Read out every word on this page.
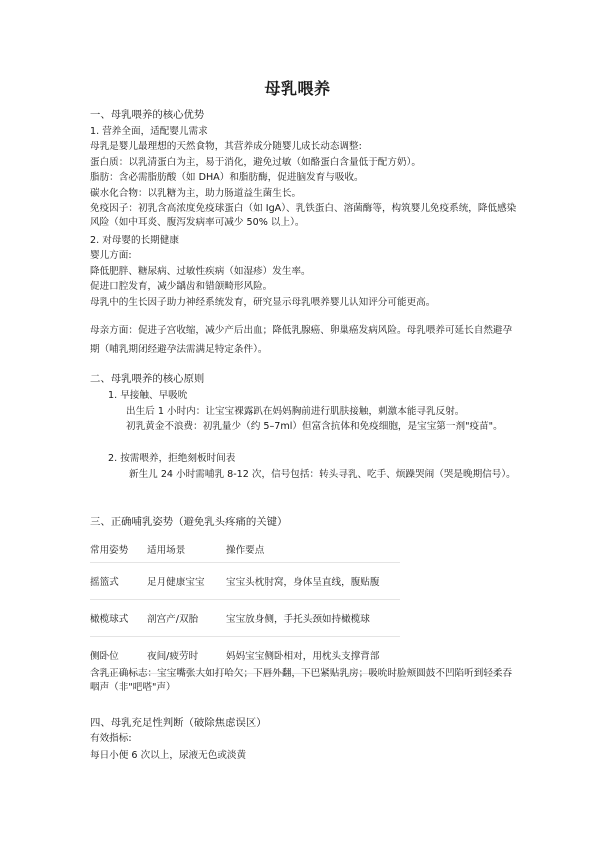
母乳喂养
一、母乳喂养的核心优势
1. 营养全面，适配婴儿需求
母乳是婴儿最理想的天然食物，其营养成分随婴儿成长动态调整:
蛋白质：以乳清蛋白为主，易于消化，避免过敏（如酪蛋白含量低于配方奶）。
脂肪：含必需脂肪酸（如 DHA）和脂肪酶，促进脑发育与吸收。
碳水化合物：以乳糖为主，助力肠道益生菌生长。
免疫因子：初乳含高浓度免疫球蛋白（如 IgA）、乳铁蛋白、溶菌酶等，构筑婴儿免疫系统，降低感染风险（如中耳炎、腹泻发病率可减少 50% 以上）。
2. 对母婴的长期健康
婴儿方面:
降低肥胖、糖尿病、过敏性疾病（如湿疹）发生率。
促进口腔发育，减少龋齿和错颌畸形风险。
母乳中的生长因子助力神经系统发育，研究显示母乳喂养婴儿认知评分可能更高。
母亲方面：促进子宫收缩，减少产后出血；降低乳腺癌、卵巢癌发病风险。母乳喂养可延长自然避孕期（哺乳期闭经避孕法需满足特定条件）。
二、母乳喂养的核心原则
1. 早接触、早吸吮
出生后 1 小时内：让宝宝裸露趴在妈妈胸前进行肌肤接触，刺激本能寻乳反射。
初乳黄金不浪费：初乳量少（约 5–7ml）但富含抗体和免疫细胞，是宝宝第一剂"疫苗"。
2. 按需喂养，拒绝刻板时间表
新生儿 24 小时需哺乳 8-12 次，信号包括：转头寻乳、吃手、烦躁哭闹（哭是晚期信号）。
三、正确哺乳姿势（避免乳头疼痛的关键）
常用姿势 适用场景	操作要点
摇篮式	足月健康宝宝 宝宝头枕肘窝，身体呈直线，腹贴腹
橄榄球式 剖宫产/双胎	宝宝放身侧，手托头颈如持橄榄球
侧卧位	夜间/疲劳时	妈妈宝宝侧卧相对，用枕头支撑背部
含乳正确标志：宝宝嘴张大如打哈欠；下唇外翻，下巴紧贴乳房；吸吮时脸颊圆鼓不凹陷听到轻柔吞咽声（非"吧嗒"声）
四、母乳充足性判断（破除焦虑误区）
有效指标:
每日小便 6 次以上，尿液无色或淡黄
